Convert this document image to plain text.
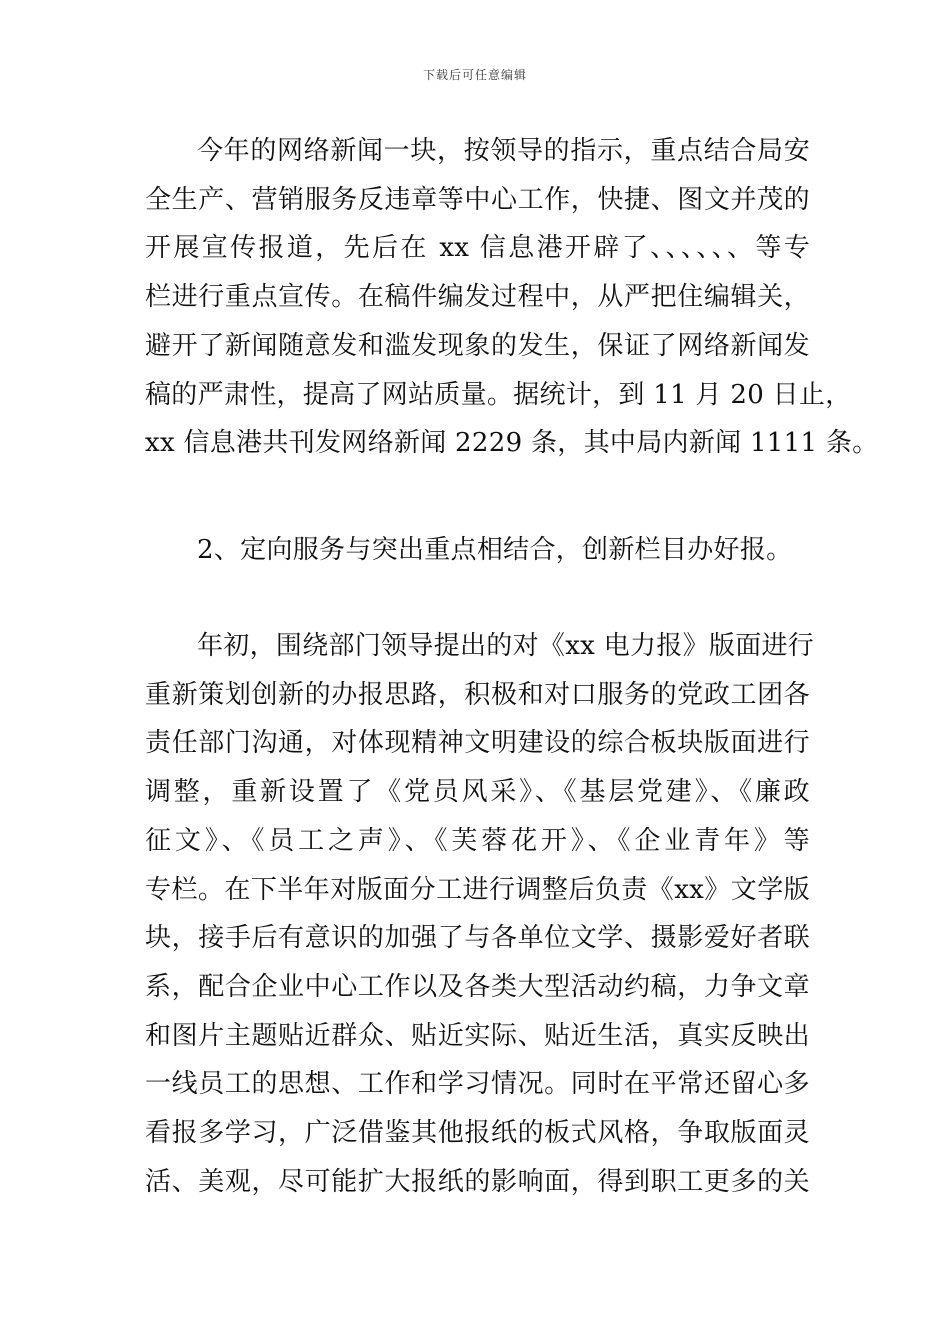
下载后可任意编辑
今年的网络新闻一块，按领导的指示，重点结合局安
全生产、营销服务反违章等中心工作，快捷、图文并茂的
开展宣传报道，先后在 xx 信息港开辟了、、、、、、等专
栏进行重点宣传。在稿件编发过程中，从严把住编辑关，
避开了新闻随意发和滥发现象的发生，保证了网络新闻发
稿的严肃性，提高了网站质量。据统计，到 11 月 20 日止，
xx 信息港共刊发网络新闻 2229 条，其中局内新闻 1111 条。
2、定向服务与突出重点相结合，创新栏目办好报。
年初，围绕部门领导提出的对《xx 电力报》版面进行
重新策划创新的办报思路，积极和对口服务的党政工团各
责任部门沟通，对体现精神文明建设的综合板块版面进行
调整，重新设置了《党员风采》、《基层党建》、《廉政
征文》、《员工之声》、《芙蓉花开》、《企业青年》等
专栏。在下半年对版面分工进行调整后负责《xx》文学版
块，接手后有意识的加强了与各单位文学、摄影爱好者联
系，配合企业中心工作以及各类大型活动约稿，力争文章
和图片主题贴近群众、贴近实际、贴近生活，真实反映出
一线员工的思想、工作和学习情况。同时在平常还留心多
看报多学习，广泛借鉴其他报纸的板式风格，争取版面灵
活、美观，尽可能扩大报纸的影响面，得到职工更多的关
